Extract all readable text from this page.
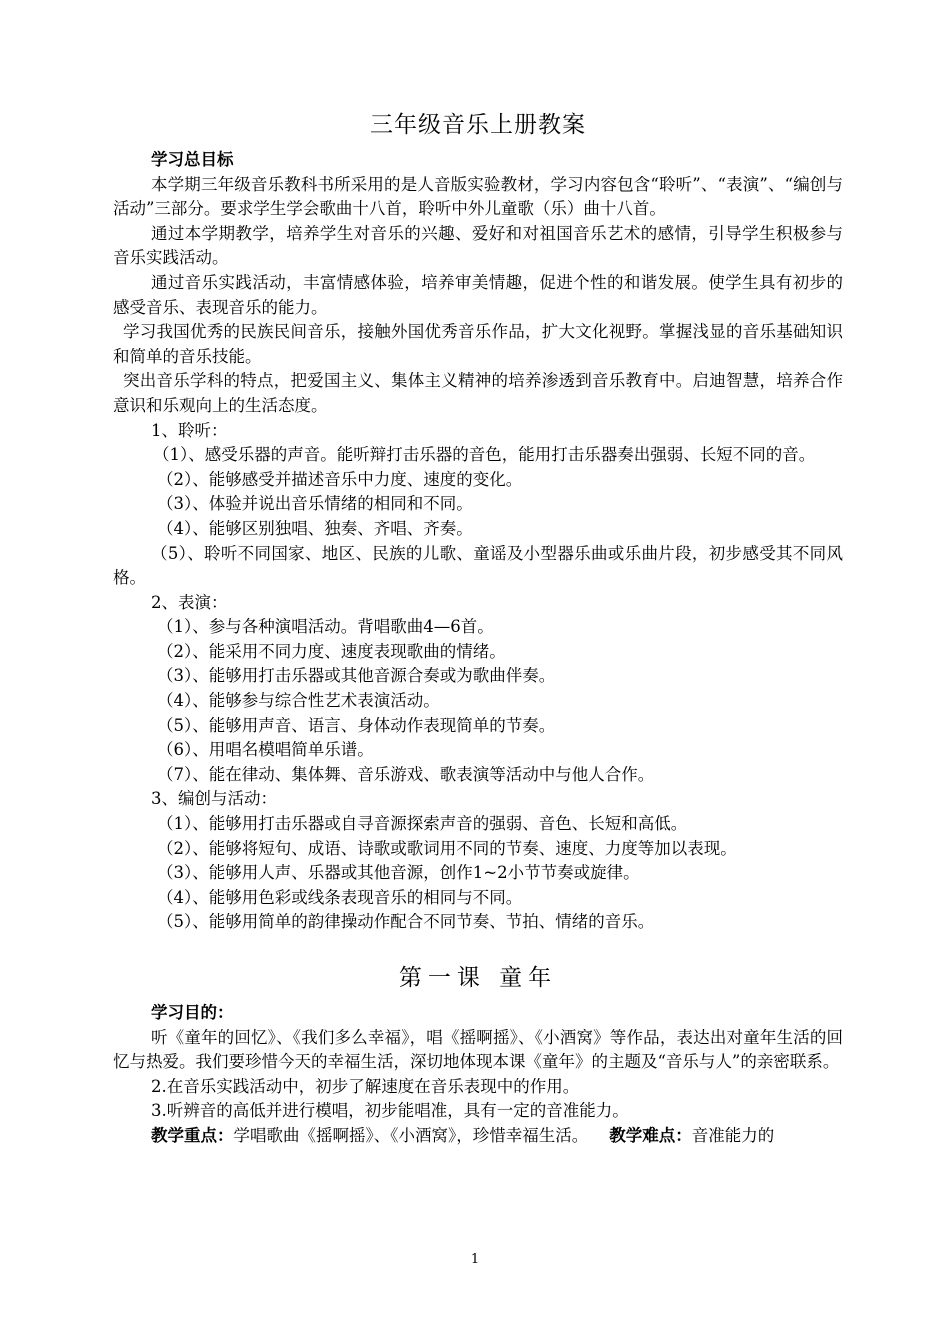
三年级音乐上册教案

学习总目标

本学期三年级音乐教科书所采用的是人音版实验教材，学习内容包含“聆听”、“表演”、“编创与活动”三部分。要求学生学会歌曲十八首，聆听中外儿童歌（乐）曲十八首。

通过本学期教学，培养学生对音乐的兴趣、爱好和对祖国音乐艺术的感情，引导学生积极参与音乐实践活动。

通过音乐实践活动，丰富情感体验，培养审美情趣，促进个性的和谐发展。使学生具有初步的感受音乐、表现音乐的能力。

学习我国优秀的民族民间音乐，接触外国优秀音乐作品，扩大文化视野。掌握浅显的音乐基础知识和简单的音乐技能。

突出音乐学科的特点，把爱国主义、集体主义精神的培养渗透到音乐教育中。启迪智慧，培养合作意识和乐观向上的生活态度。

1、聆听：

（1）、感受乐器的声音。能听辩打击乐器的音色，能用打击乐器奏出强弱、长短不同的音。

（2）、能够感受并描述音乐中力度、速度的变化。

（3）、体验并说出音乐情绪的相同和不同。

（4）、能够区别独唱、独奏、齐唱、齐奏。

（5）、聆听不同国家、地区、民族的儿歌、童谣及小型器乐曲或乐曲片段，初步感受其不同风格。

2、表演：

（1）、参与各种演唱活动。背唱歌曲4—6首。

（2）、能采用不同力度、速度表现歌曲的情绪。

（3）、能够用打击乐器或其他音源合奏或为歌曲伴奏。

（4）、能够参与综合性艺术表演活动。

（5）、能够用声音、语言、身体动作表现简单的节奏。

（6）、用唱名模唱简单乐谱。

（7）、能在律动、集体舞、音乐游戏、歌表演等活动中与他人合作。

3、编创与活动：

（1）、能够用打击乐器或自寻音源探索声音的强弱、音色、长短和高低。

（2）、能够将短句、成语、诗歌或歌词用不同的节奏、速度、力度等加以表现。

（3）、能够用人声、乐器或其他音源，创作1~2小节节奏或旋律。

（4）、能够用色彩或线条表现音乐的相同与不同。

（5）、能够用简单的韵律操动作配合不同节奏、节拍、情绪的音乐。

第一课 童年

学习目的：

听《童年的回忆》、《我们多么幸福》，唱《摇啊摇》、《小酒窝》等作品，表达出对童年生活的回忆与热爱。我们要珍惜今天的幸福生活，深切地体现本课《童年》的主题及“音乐与人”的亲密联系。

2.在音乐实践活动中，初步了解速度在音乐表现中的作用。

3.听辨音的高低并进行模唱，初步能唱准，具有一定的音准能力。

教学重点：学唱歌曲《摇啊摇》、《小酒窝》，珍惜幸福生活。 教学难点：音准能力的

1
